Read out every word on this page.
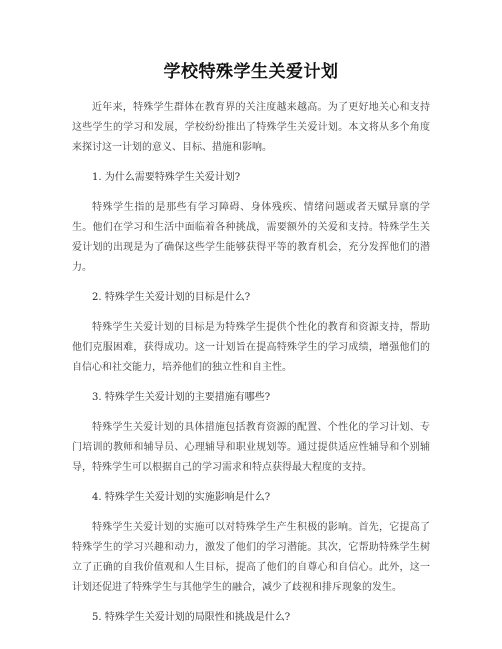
学校特殊学生关爱计划

近年来，特殊学生群体在教育界的关注度越来越高。为了更好地关心和支持这些学生的学习和发展，学校纷纷推出了特殊学生关爱计划。本文将从多个角度来探讨这一计划的意义、目标、措施和影响。

1. 为什么需要特殊学生关爱计划?

特殊学生指的是那些有学习障碍、身体残疾、情绪问题或者天赋异禀的学生。他们在学习和生活中面临着各种挑战，需要额外的关爱和支持。特殊学生关爱计划的出现是为了确保这些学生能够获得平等的教育机会，充分发挥他们的潜力。

2. 特殊学生关爱计划的目标是什么?

特殊学生关爱计划的目标是为特殊学生提供个性化的教育和资源支持，帮助他们克服困难，获得成功。这一计划旨在提高特殊学生的学习成绩，增强他们的自信心和社交能力，培养他们的独立性和自主性。

3. 特殊学生关爱计划的主要措施有哪些?

特殊学生关爱计划的具体措施包括教育资源的配置、个性化的学习计划、专门培训的教师和辅导员、心理辅导和职业规划等。通过提供适应性辅导和个别辅导，特殊学生可以根据自己的学习需求和特点获得最大程度的支持。

4. 特殊学生关爱计划的实施影响是什么?

特殊学生关爱计划的实施可以对特殊学生产生积极的影响。首先，它提高了特殊学生的学习兴趣和动力，激发了他们的学习潜能。其次，它帮助特殊学生树立了正确的自我价值观和人生目标，提高了他们的自尊心和自信心。此外，这一计划还促进了特殊学生与其他学生的融合，减少了歧视和排斥现象的发生。

5. 特殊学生关爱计划的局限性和挑战是什么?
